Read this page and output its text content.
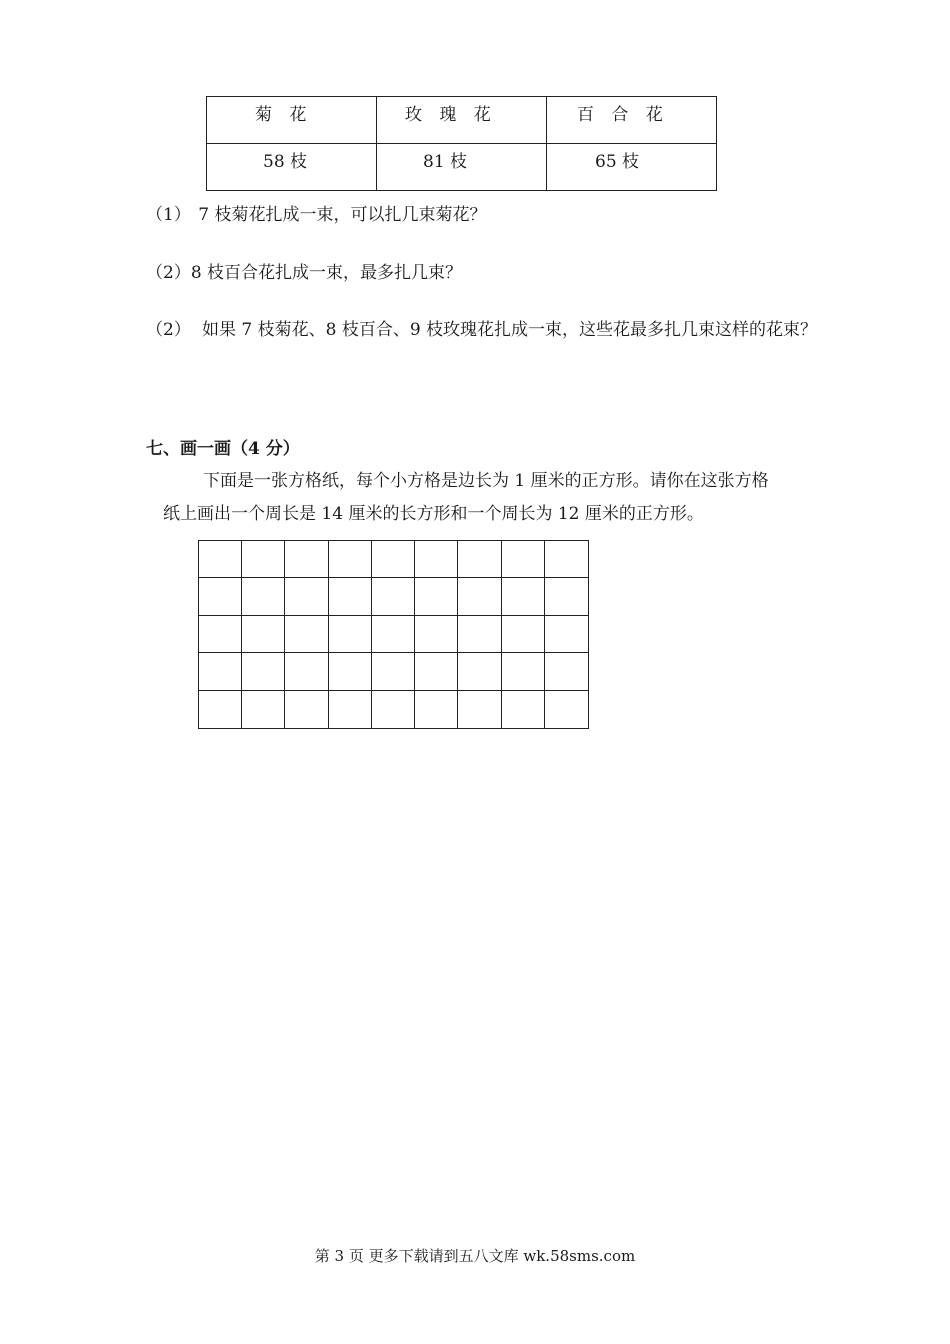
菊 花	玫 瑰 花	百 合 花

58 枝	81 枝	65 枝
（1） 7 枝菊花扎成一束，可以扎几束菊花？
（2）8 枝百合花扎成一束，最多扎几束？
（2） 如果 7 枝菊花、8 枝百合、9 枝玫瑰花扎成一束，这些花最多扎几束这样的花束？
七、画一画（4 分）
下面是一张方格纸，每个小方格是边长为 1 厘米的正方形。请你在这张方格
纸上画出一个周长是 14 厘米的长方形和一个周长为 12 厘米的正方形。
第 3 页 更多下载请到五八文库 wk.58sms.com
